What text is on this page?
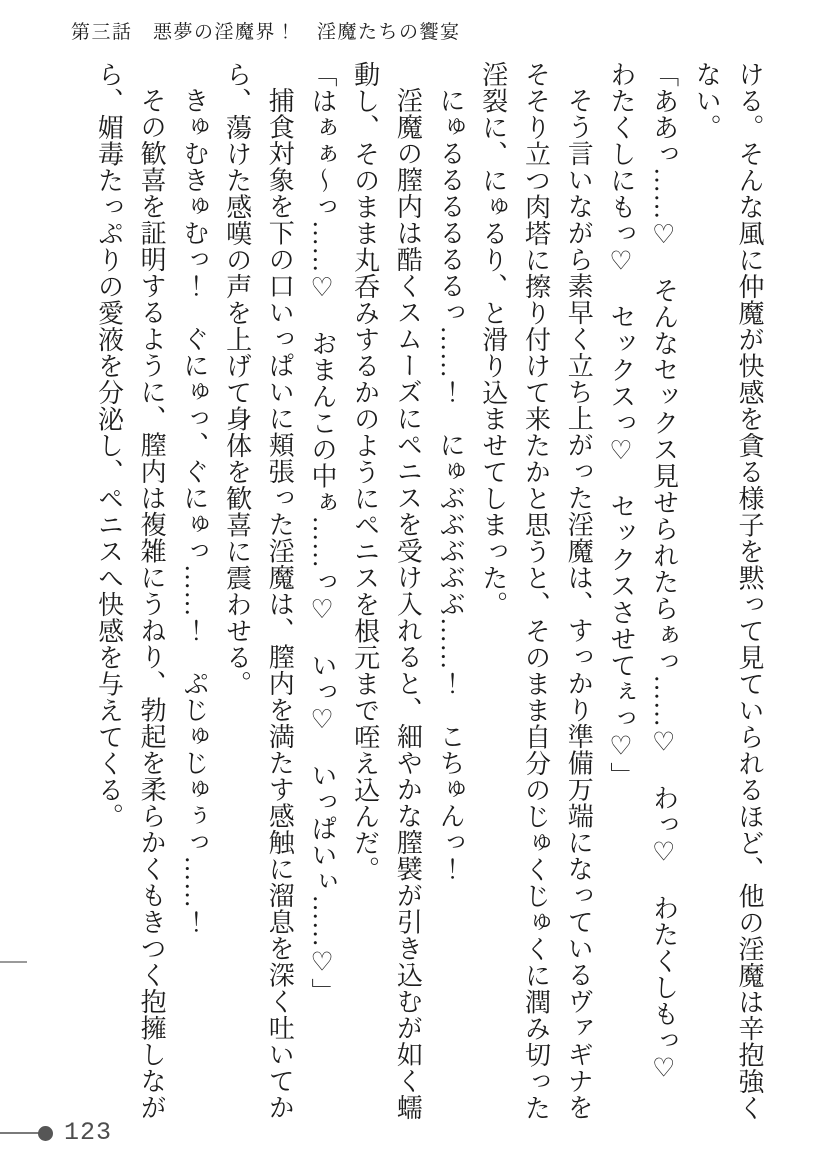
第三話　悪夢の淫魔界！　淫魔たちの饗宴

ける。そんな風に仲魔が快感を貪る様子を黙って見ていられるほど、他の淫魔は辛抱強くない。

「ああっ……♡　そんなセックス見せられたらぁっ……♡　わっ♡　わたくしもっ♡　わたくしにもっ♡　セックスっ♡　セックスさせてぇっ♡」

そう言いながら素早く立ち上がった淫魔は、すっかり準備万端になっているヴァギナをそそり立つ肉塔に擦り付けて来たかと思うと、そのまま自分のじゅくじゅくに潤み切った淫裂に、にゅるり、と滑り込ませてしまった。

にゅるるるるるるっ……！　にゅぶぶぶぶぶ……！　こちゅんっ！

淫魔の膣内は酷くスムーズにペニスを受け入れると、細やかな膣襞が引き込むが如く蠕動し、そのまま丸呑みするかのようにペニスを根元まで咥え込んだ。

「はぁぁ〜っ……♡　おまんこの中ぁ……っ♡　いっ♡　いっぱいぃ……♡」

捕食対象を下の口いっぱいに頬張った淫魔は、膣内を満たす感触に溜息を深く吐いてから、蕩けた感嘆の声を上げて身体を歓喜に震わせる。

きゅむきゅむっ！　ぐにゅっ、ぐにゅっ……！　ぷじゅじゅぅっ……！

その歓喜を証明するように、膣内は複雑にうねり、勃起を柔らかくもきつく抱擁しながら、媚毒たっぷりの愛液を分泌し、ペニスへ快感を与えてくる。

123
